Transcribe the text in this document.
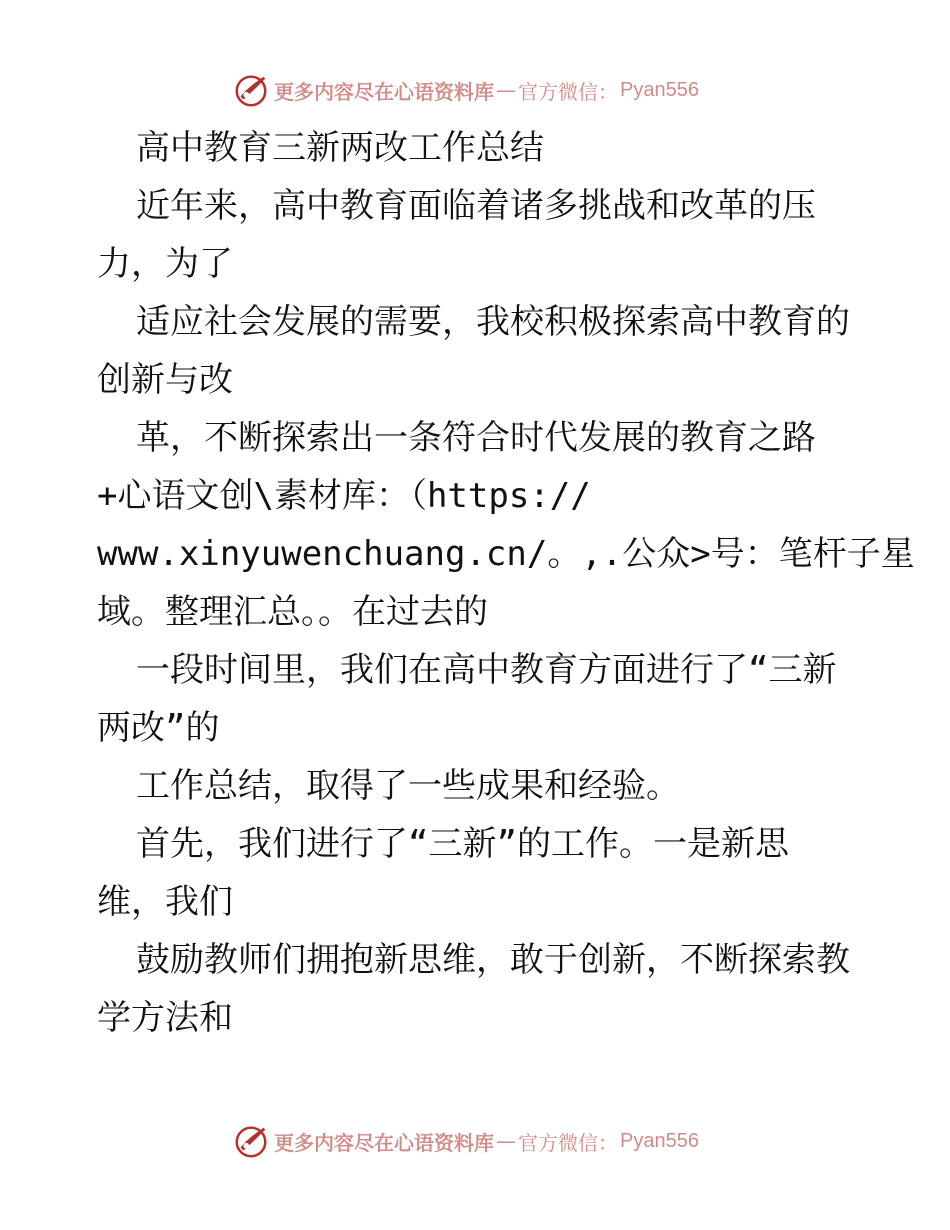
更多内容尽在心语资料库 — 官方微信： Pyan556
高中教育三新两改工作总结
近年来，高中教育面临着诸多挑战和改革的压
力，为了
适应社会发展的需要，我校积极探索高中教育的
创新与改
革，不断探索出一条符合时代发展的教育之路
+心语文创\素材库：（https://
www.xinyuwenchuang.cn/。,.公众>号：笔杆子星
域。整理汇总。。在过去的
一段时间里，我们在高中教育方面进行了“三新
两改”的
工作总结，取得了一些成果和经验。
首先，我们进行了“三新”的工作。一是新思
维，我们
鼓励教师们拥抱新思维，敢于创新，不断探索教
学方法和
更多内容尽在心语资料库 — 官方微信： Pyan556
